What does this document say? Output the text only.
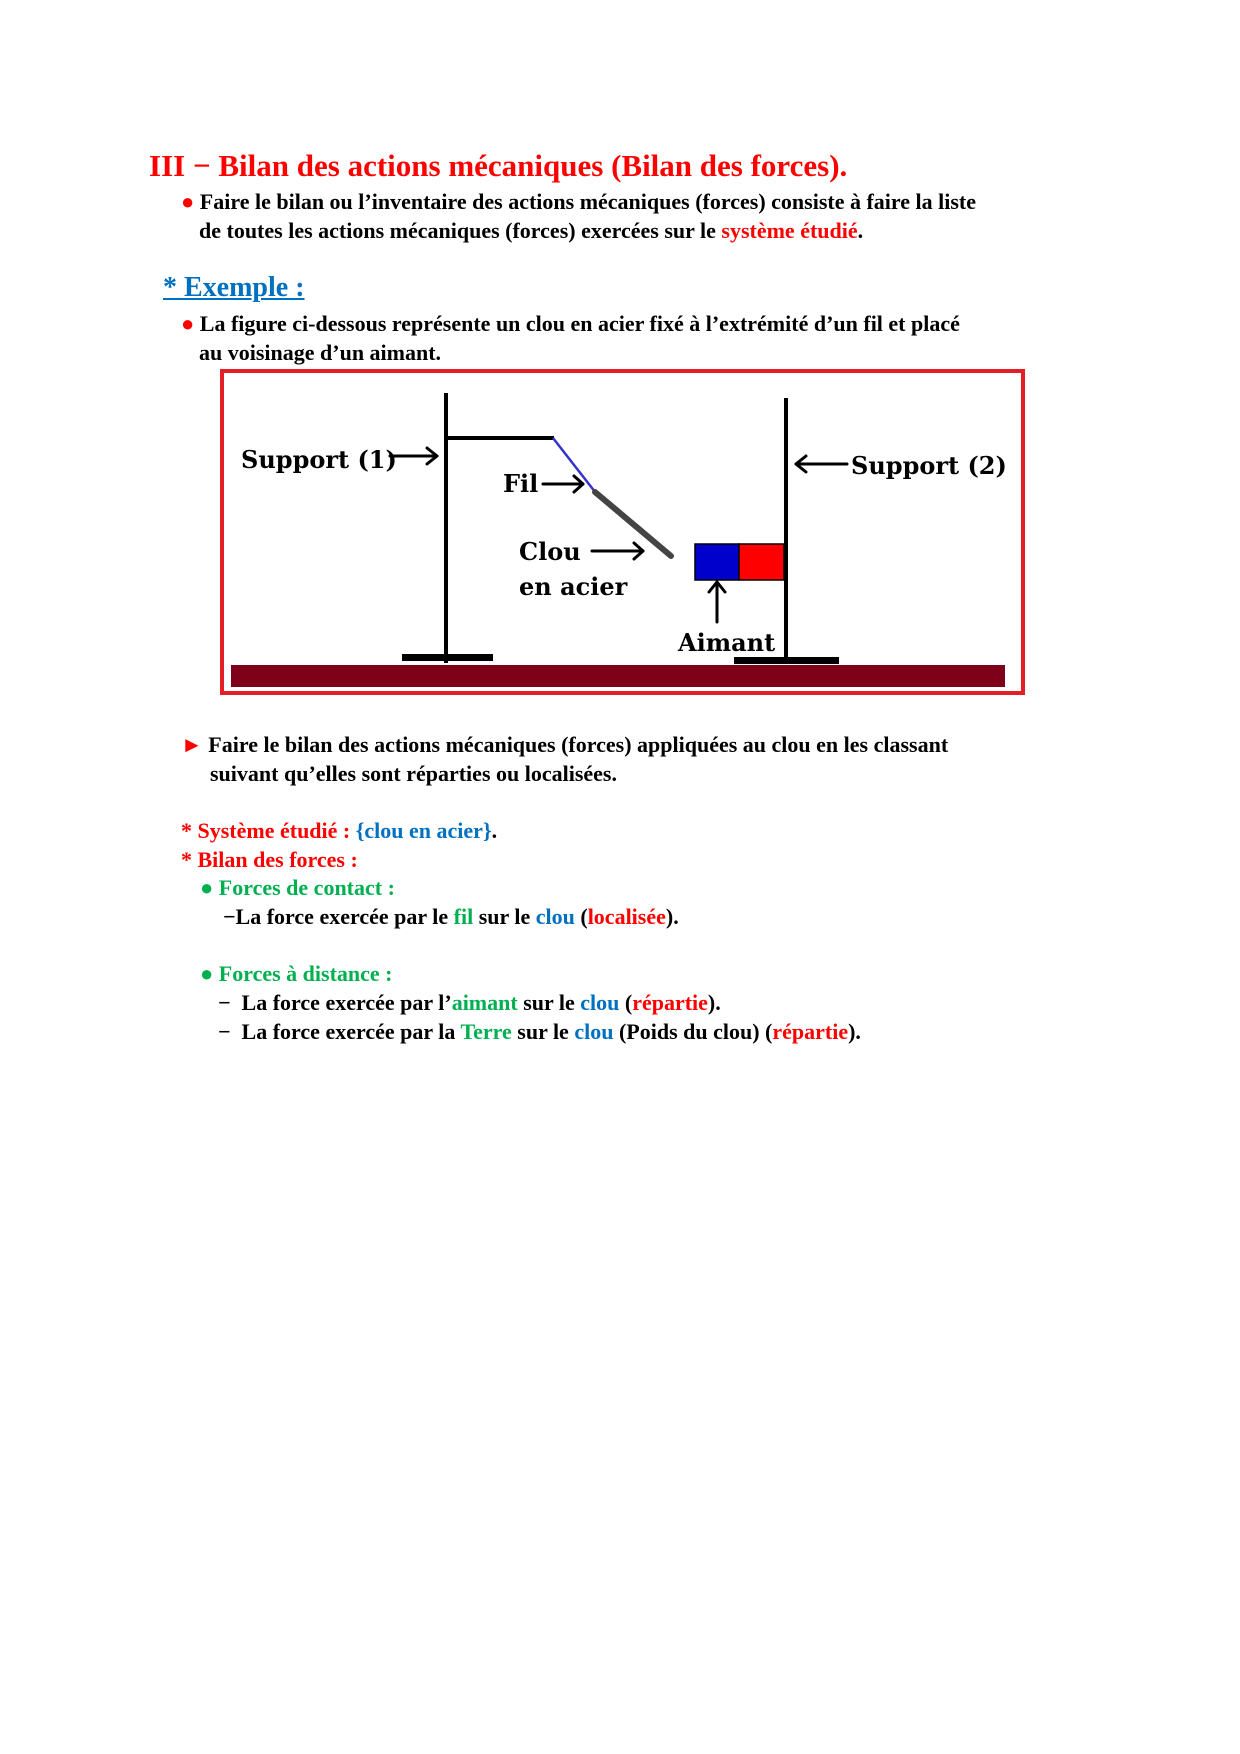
III − Bilan des actions mécaniques (Bilan des forces).
● Faire le bilan ou l’inventaire des actions mécaniques (forces) consiste à faire la liste
de toutes les actions mécaniques (forces) exercées sur le système étudié.
* Exemple :
● La figure ci-dessous représente un clou en acier fixé à l’extrémité d’un fil et placé
au voisinage d’un aimant.
Support (1)	Support (2)
Fil
Clou
en acier
Aimant
► Faire le bilan des actions mécaniques (forces) appliquées au clou en les classant
suivant qu’elles sont réparties ou localisées.
* Système étudié : {clou en acier}.
* Bilan des forces :
● Forces de contact :
−La force exercée par le fil sur le clou (localisée).
● Forces à distance :
− La force exercée par l’aimant sur le clou (répartie).
− La force exercée par la Terre sur le clou (Poids du clou) (répartie).
